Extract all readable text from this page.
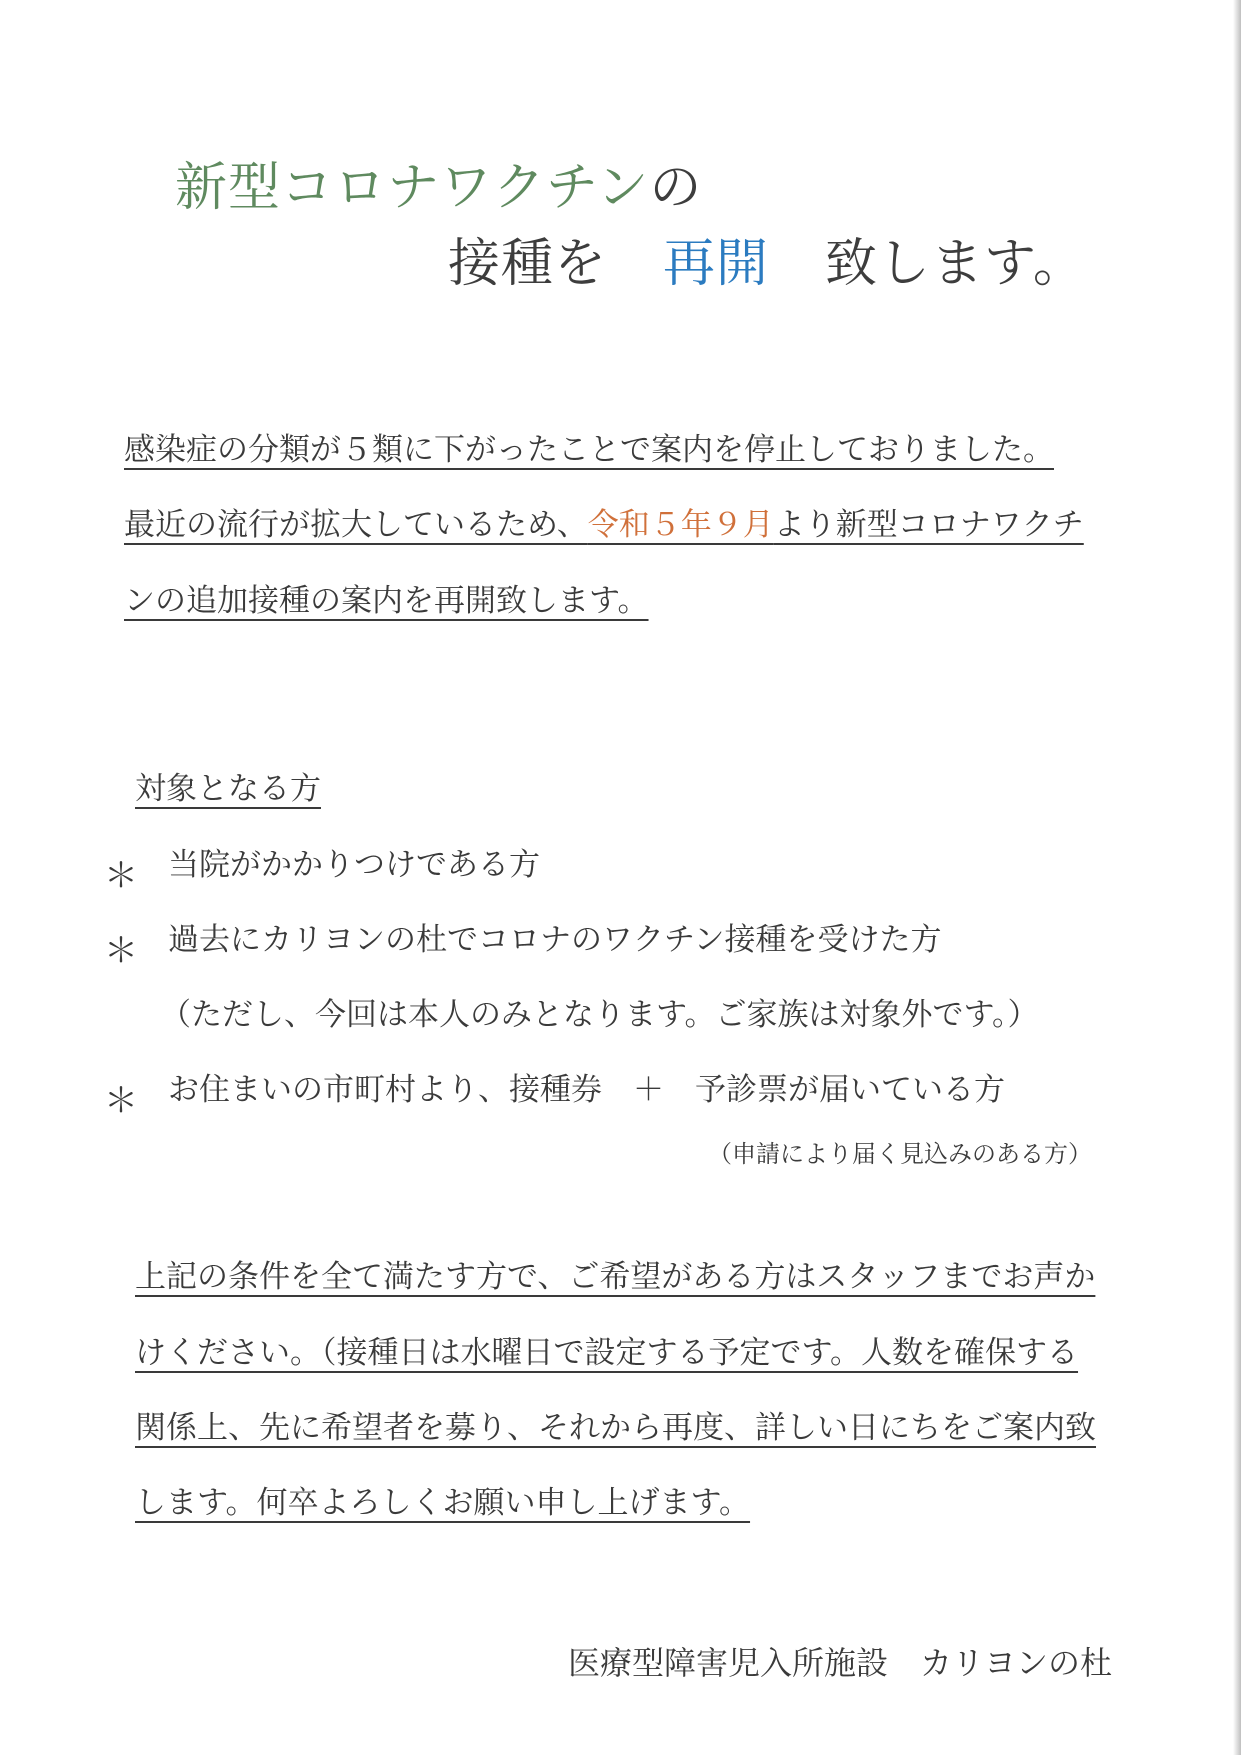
新型コロナワクチンの
接種を 再開 致します。
感染症の分類が５類に下がったことで案内を停止しておりました。
最近の流行が拡大しているため、令和５年９月より新型コロナワクチ
ンの追加接種の案内を再開致します。
対象となる方
＊ 当院がかかりつけである方
＊ 過去にカリヨンの杜でコロナのワクチン接種を受けた方
（ただし、今回は本人のみとなります。ご家族は対象外です。）
＊ お住まいの市町村より、接種券　＋　予診票が届いている方
（申請により届く見込みのある方）
上記の条件を全て満たす方で、ご希望がある方はスタッフまでお声か
けください。（接種日は水曜日で設定する予定です。人数を確保する
関係上、先に希望者を募り、それから再度、詳しい日にちをご案内致
します。何卒よろしくお願い申し上げます。
医療型障害児入所施設　カリヨンの杜
